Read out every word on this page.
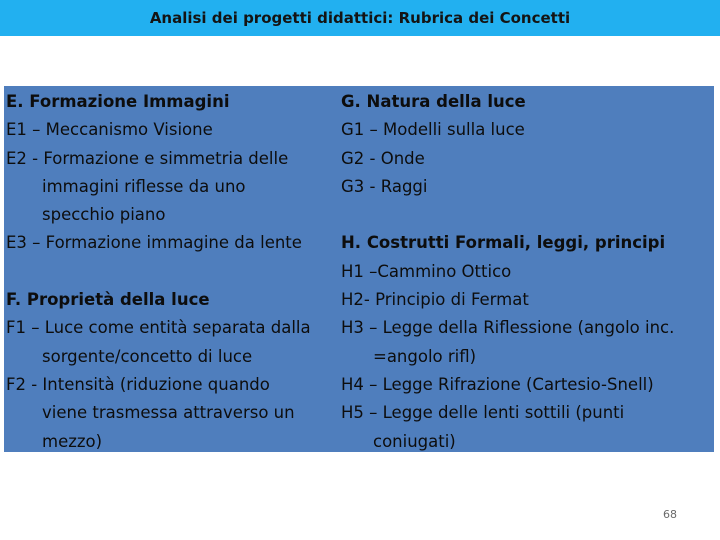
Analisi dei progetti didattici: Rubrica dei Concetti
E. Formazione Immagini
E1 – Meccanismo Visione
E2 - Formazione e simmetria delle
immagini riflesse da uno
specchio piano
E3 – Formazione immagine da lente
F. Proprietà della luce
F1 – Luce come entità separata dalla
sorgente/concetto di luce
F2 - Intensità (riduzione quando
viene trasmessa attraverso un
mezzo)
G. Natura della luce
G1 – Modelli sulla luce
G2 - Onde
G3 - Raggi
H. Costrutti Formali, leggi, principi
H1 –Cammino Ottico
H2- Principio di Fermat
H3 – Legge della Riflessione (angolo inc.
=angolo rifl)
H4 – Legge Rifrazione (Cartesio-Snell)
H5 – Legge delle lenti sottili (punti
coniugati)
68
